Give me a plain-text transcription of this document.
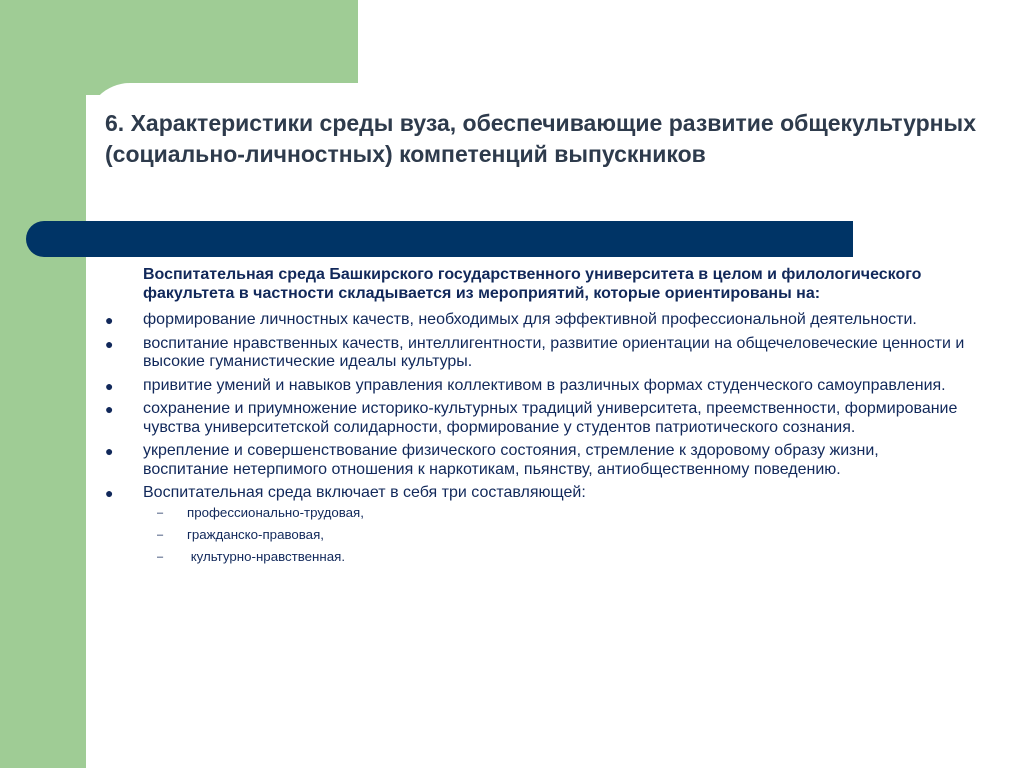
6. Характеристики среды вуза, обеспечивающие развитие общекультурных (социально-личностных) компетенций выпускников

Воспитательная среда Башкирского государственного университета в целом и филологического факультета в частности складывается из мероприятий, которые ориентированы на:

● формирование личностных качеств, необходимых для эффективной профессиональной деятельности.
● воспитание нравственных качеств, интеллигентности, развитие ориентации на общечеловеческие ценности и высокие гуманистические идеалы культуры.
● привитие умений и навыков управления коллективом в различных формах студенческого самоуправления.
● сохранение и приумножение историко-культурных традиций университета, преемственности, формирование чувства университетской солидарности, формирование у студентов патриотического сознания.
● укрепление и совершенствование физического состояния, стремление к здоровому образу жизни, воспитание нетерпимого отношения к наркотикам, пьянству, антиобщественному поведению.
● Воспитательная среда включает в себя три составляющей:
– профессионально-трудовая,
– гражданско-правовая,
– культурно-нравственная.
